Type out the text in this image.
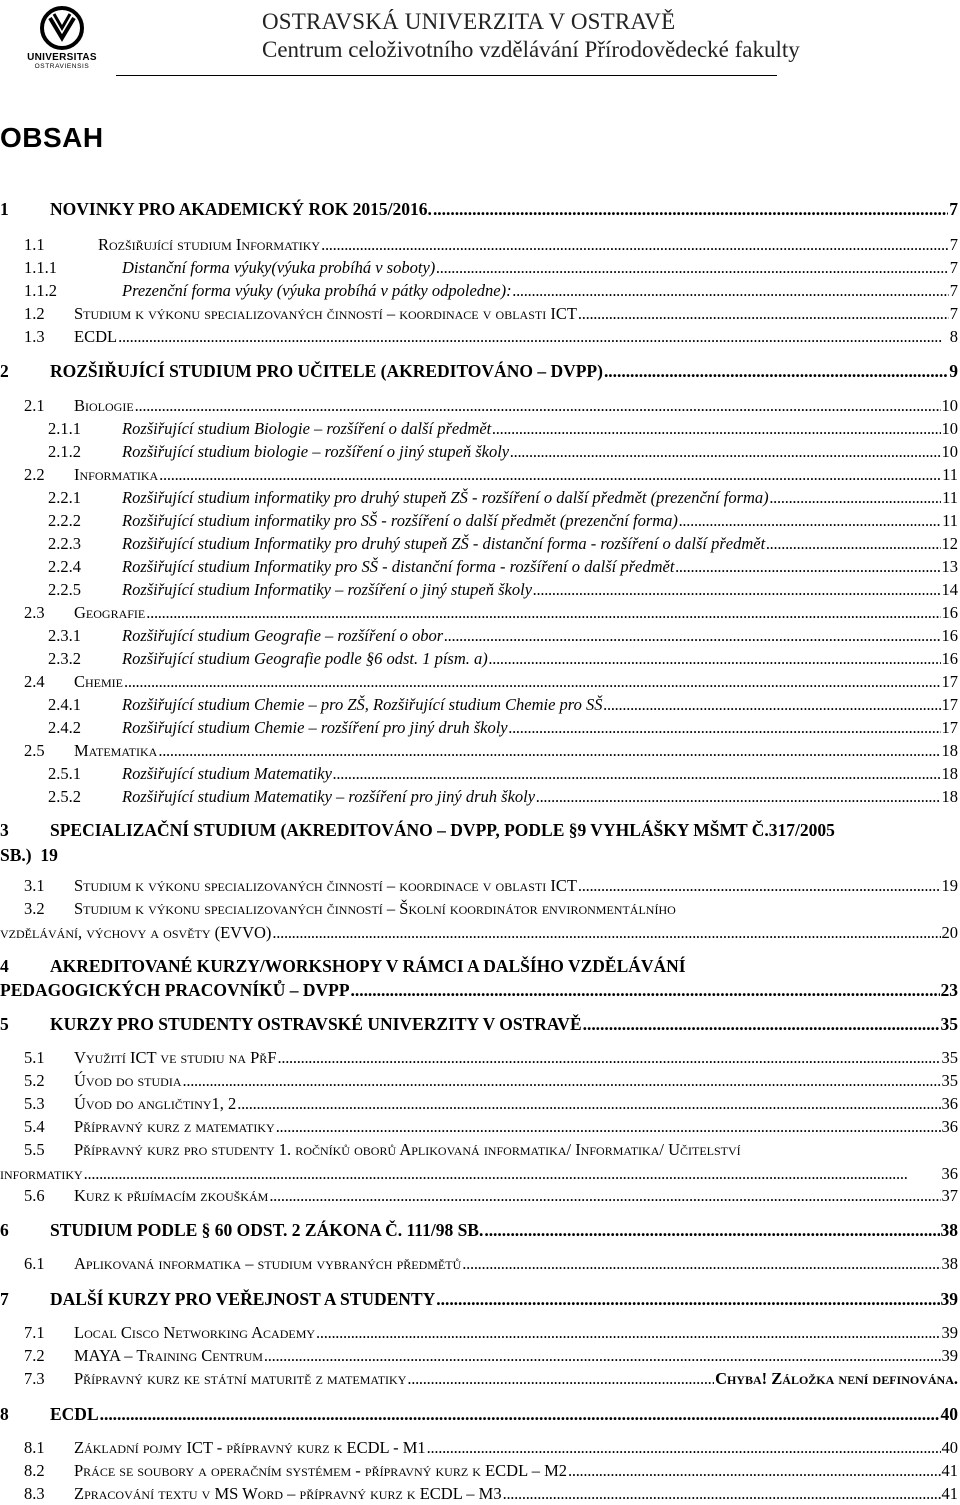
UNIVERSITAS
OSTRAVIENSIS
OSTRAVSKÁ UNIVERZITA V OSTRAVĚ
Centrum celoživotního vzdělávání Přírodovědecké fakulty
OBSAH
1	NOVINKY PRO AKADEMICKÝ ROK 2015/2016. . . .	7
1.1	Rozšiřující studium Informatiky . . .	7
1.1.1	Distanční forma výuky(výuka probíhá v soboty) . . .	7
1.1.2	Prezenční forma výuky (výuka probíhá v pátky odpoledne): . . .	7
1.2	Studium k výkonu specializovaných činností – koordinace v oblasti ICT . . .	7
1.3	ECDL . . .	8
2	ROZŠIŘUJÍCÍ STUDIUM PRO UČITELE (AKREDITOVÁNO – DVPP) . . .	9
2.1	Biologie . . .	10
2.1.1	Rozšiřující studium Biologie – rozšíření o další předmět . . .	10
2.1.2	Rozšiřující studium biologie – rozšíření o jiný stupeň školy . . .	10
2.2	Informatika . . .	11
2.2.1	Rozšiřující studium informatiky pro druhý stupeň ZŠ - rozšíření o další předmět (prezenční forma) . . .	11
2.2.2	Rozšiřující studium informatiky pro SŠ - rozšíření o další předmět (prezenční forma) . . .	11
2.2.3	Rozšiřující studium Informatiky pro druhý stupeň ZŠ - distanční forma - rozšíření o další předmět . . .	12
2.2.4	Rozšiřující studium Informatiky pro SŠ - distanční forma - rozšíření o další předmět . . .	13
2.2.5	Rozšiřující studium Informatiky – rozšíření o jiný stupeň školy . . .	14
2.3	Geografie . . .	16
2.3.1	Rozšiřující studium Geografie – rozšíření o obor . . .	16
2.3.2	Rozšiřující studium Geografie podle §6 odst. 1 písm. a) . . .	16
2.4	Chemie . . .	17
2.4.1	Rozšiřující studium Chemie – pro ZŠ, Rozšiřující studium Chemie pro SŠ . . .	17
2.4.2	Rozšiřující studium Chemie – rozšíření pro jiný druh školy . . .	17
2.5	Matematika . . .	18
2.5.1	Rozšiřující studium Matematiky . . .	18
2.5.2	Rozšiřující studium Matematiky – rozšíření pro jiný druh školy . . .	18
3 SPECIALIZAČNÍ STUDIUM (AKREDITOVÁNO – DVPP, PODLE §9 VYHLÁŠKY MŠMT Č.317/2005
SB.) 19
3.1	Studium k výkonu specializovaných činností – koordinace v oblasti ICT . . .	19
3.2 Studium k výkonu specializovaných činností – Školní koordinátor environmentálního
vzdělávání, výchovy a osvěty (EVVO) . . .	20
4 AKREDITOVANÉ KURZY/WORKSHOPY V RÁMCI A DALŠÍHO VZDĚLÁVÁNÍ
PEDAGOGICKÝCH PRACOVNÍKŮ – DVPP . . .	23
5	KURZY PRO STUDENTY OSTRAVSKÉ UNIVERZITY V OSTRAVĚ . . .	35
5.1	Využití ICT ve studiu na PřF . . .	35
5.2	Úvod do studia . . .	35
5.3	Úvod do angličtiny1, 2 . . .	36
5.4	Přípravný kurz z matematiky . . .	36
5.5 Přípravný kurz pro studenty 1. ročníků oborů Aplikovaná informatika/ Informatika/ Učitelství
informatiky . . .	36
5.6	Kurz k přijímacím zkouškám . . .	37
6	STUDIUM PODLE § 60 ODST. 2 ZÁKONA Č. 111/98 SB. . . .	38
6.1	Aplikovaná informatika – studium vybraných předmětů . . .	38
7	DALŠÍ KURZY PRO VEŘEJNOST A STUDENTY . . .	39
7.1	Local Cisco Networking Academy . . .	39
7.2	MAYA – Training Centrum . . .	39
7.3	Přípravný kurz ke státní maturitě z matematiky . . .	Chyba! Záložka není definována.
8	ECDL . . .	40
8.1	Základní pojmy ICT - přípravný kurz k ECDL - M1 . . .	40
8.2	Práce se soubory a operačním systémem - přípravný kurz k ECDL – M2 . . .	41
8.3	Zpracování textu v MS Word – přípravný kurz k ECDL – M3 . . .	41
